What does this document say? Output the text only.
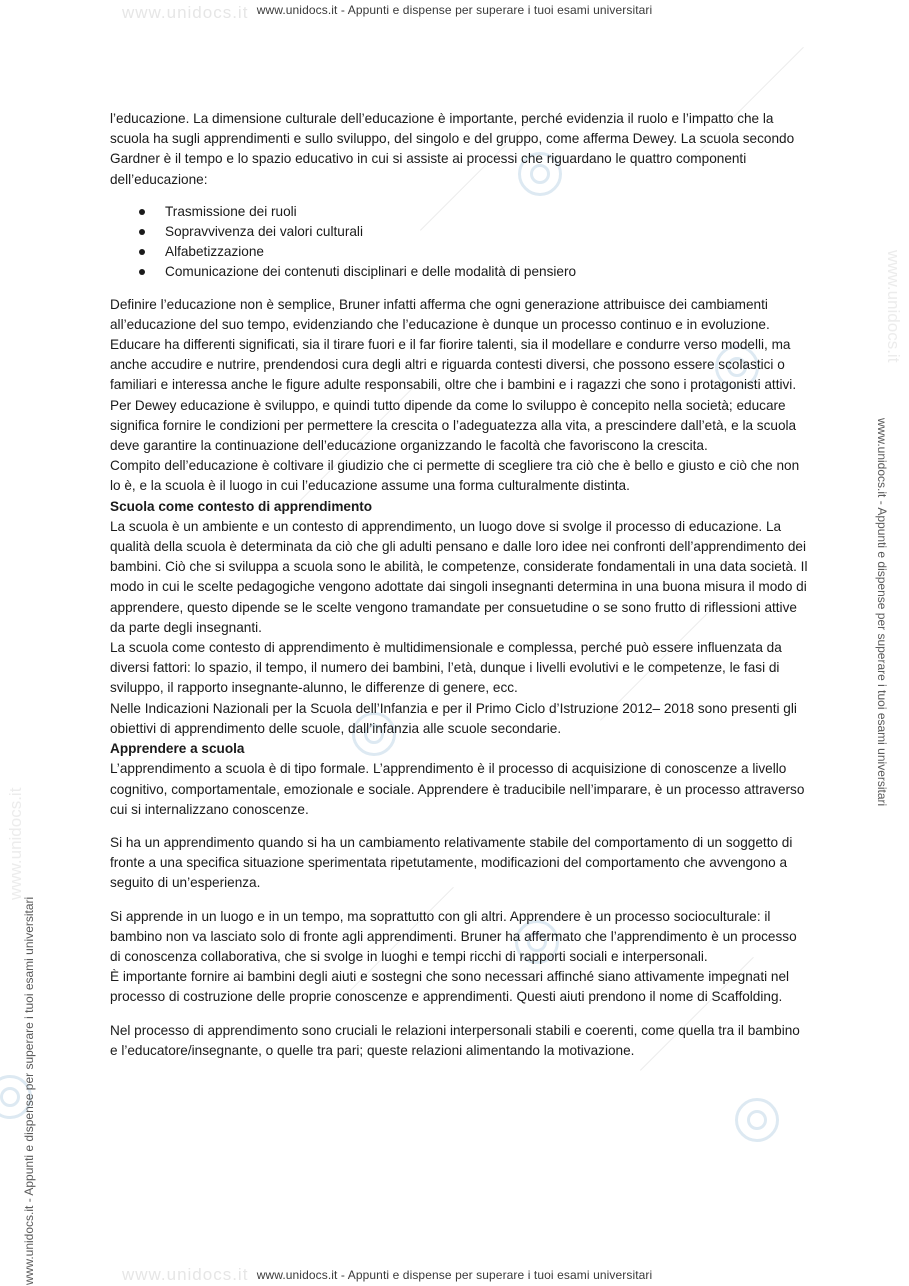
www.unidocs.it
www.unidocs.it
www.unidocs.it
www.unidocs.it
www.unidocs.it - Appunti e dispense per superare i tuoi esami universitari
www.unidocs.it - Appunti e dispense per superare i tuoi esami universitari
www.unidocs.it - Appunti e dispense per superare i tuoi esami universitari
www.unidocs.it - Appunti e dispense per superare i tuoi esami universitari

l’educazione. La dimensione culturale dell’educazione è importante, perché evidenzia il ruolo e l’impatto che la scuola ha sugli apprendimenti e sullo sviluppo, del singolo e del gruppo, come afferma Dewey. La scuola secondo Gardner è il tempo e lo spazio educativo in cui si assiste ai processi che riguardano le quattro componenti dell’educazione:

Trasmissione dei ruoli
Sopravvivenza dei valori culturali
Alfabetizzazione
Comunicazione dei contenuti disciplinari e delle modalità di pensiero

Definire l’educazione non è semplice, Bruner infatti afferma che ogni generazione attribuisce dei cambiamenti all’educazione del suo tempo, evidenziando che l’educazione è dunque un processo continuo e in evoluzione.

Educare ha differenti significati, sia il tirare fuori e il far fiorire talenti, sia il modellare e condurre verso modelli, ma anche accudire e nutrire, prendendosi cura degli altri e riguarda contesti diversi, che possono essere scolastici o familiari e interessa anche le figure adulte responsabili, oltre che i bambini e i ragazzi che sono i protagonisti attivi. Per Dewey educazione è sviluppo, e quindi tutto dipende da come lo sviluppo è concepito nella società; educare significa fornire le condizioni per permettere la crescita o l’adeguatezza alla vita, a prescindere dall’età, e la scuola deve garantire la continuazione dell’educazione organizzando le facoltà che favoriscono la crescita.

Compito dell’educazione è coltivare il giudizio che ci permette di scegliere tra ciò che è bello e giusto e ciò che non lo è, e la scuola è il luogo in cui l’educazione assume una forma culturalmente distinta.

Scuola come contesto di apprendimento

La scuola è un ambiente e un contesto di apprendimento, un luogo dove si svolge il processo di educazione. La qualità della scuola è determinata da ciò che gli adulti pensano e dalle loro idee nei confronti dell’apprendimento dei bambini. Ciò che si sviluppa a scuola sono le abilità, le competenze, considerate fondamentali in una data società. Il modo in cui le scelte pedagogiche vengono adottate dai singoli insegnanti determina in una buona misura il modo di apprendere, questo dipende se le scelte vengono tramandate per consuetudine o se sono frutto di riflessioni attive da parte degli insegnanti.

La scuola come contesto di apprendimento è multidimensionale e complessa, perché può essere influenzata da diversi fattori: lo spazio, il tempo, il numero dei bambini, l’età, dunque i livelli evolutivi e le competenze, le fasi di sviluppo, il rapporto insegnante-alunno, le differenze di genere, ecc.

Nelle Indicazioni Nazionali per la Scuola dell’Infanzia e per il Primo Ciclo d’Istruzione 2012– 2018 sono presenti gli obiettivi di apprendimento delle scuole, dall’infanzia alle scuole secondarie.

Apprendere a scuola

L’apprendimento a scuola è di tipo formale. L’apprendimento è il processo di acquisizione di conoscenze a livello cognitivo, comportamentale, emozionale e sociale. Apprendere è traducibile nell’imparare, è un processo attraverso cui si internalizzano conoscenze.

Si ha un apprendimento quando si ha un cambiamento relativamente stabile del comportamento di un soggetto di fronte a una specifica situazione sperimentata ripetutamente, modificazioni del comportamento che avvengono a seguito di un’esperienza.

Si apprende in un luogo e in un tempo, ma soprattutto con gli altri. Apprendere è un processo socioculturale: il bambino non va lasciato solo di fronte agli apprendimenti. Bruner ha affermato che l’apprendimento è un processo di conoscenza collaborativa, che si svolge in luoghi e tempi ricchi di rapporti sociali e interpersonali.

È importante fornire ai bambini degli aiuti e sostegni che sono necessari affinché siano attivamente impegnati nel processo di costruzione delle proprie conoscenze e apprendimenti. Questi aiuti prendono il nome di Scaffolding.

Nel processo di apprendimento sono cruciali le relazioni interpersonali stabili e coerenti, come quella tra il bambino e l’educatore/insegnante, o quelle tra pari; queste relazioni alimentando la motivazione.
